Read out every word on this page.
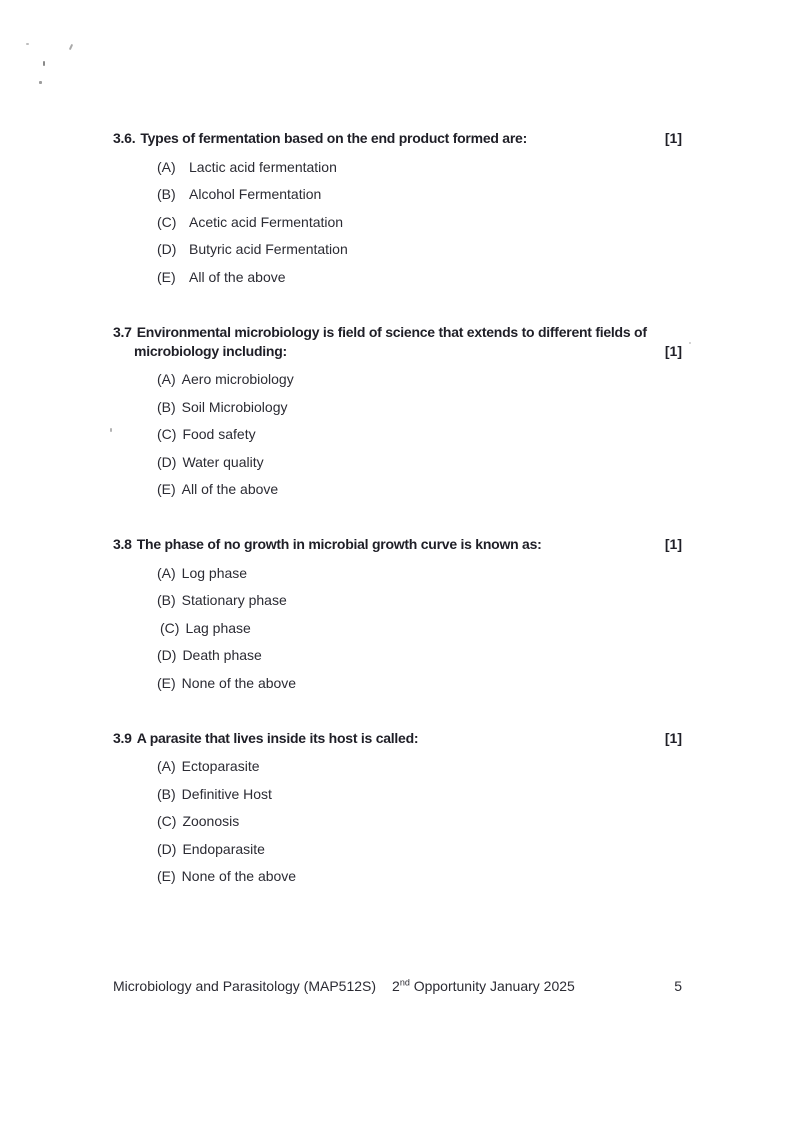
3.6. Types of fermentation based on the end product formed are:	[1]
(A) Lactic acid fermentation
(B) Alcohol Fermentation
(C) Acetic acid Fermentation
(D) Butyric acid Fermentation
(E) All of the above
3.7 Environmental microbiology is field of science that extends to different fields of
microbiology including:	[1]
(A) Aero microbiology
(B) Soil Microbiology
(C) Food safety
(D) Water quality
(E) All of the above
3.8 The phase of no growth in microbial growth curve is known as:	[1]
(A) Log phase
(B) Stationary phase
(C) Lag phase
(D) Death phase
(E) None of the above
3.9 A parasite that lives inside its host is called:	[1]
(A) Ectoparasite
(B) Definitive Host
(C) Zoonosis
(D) Endoparasite
(E) None of the above
Microbiology and Parasitology (MAP512S) 2nd Opportunity January 2025	5
